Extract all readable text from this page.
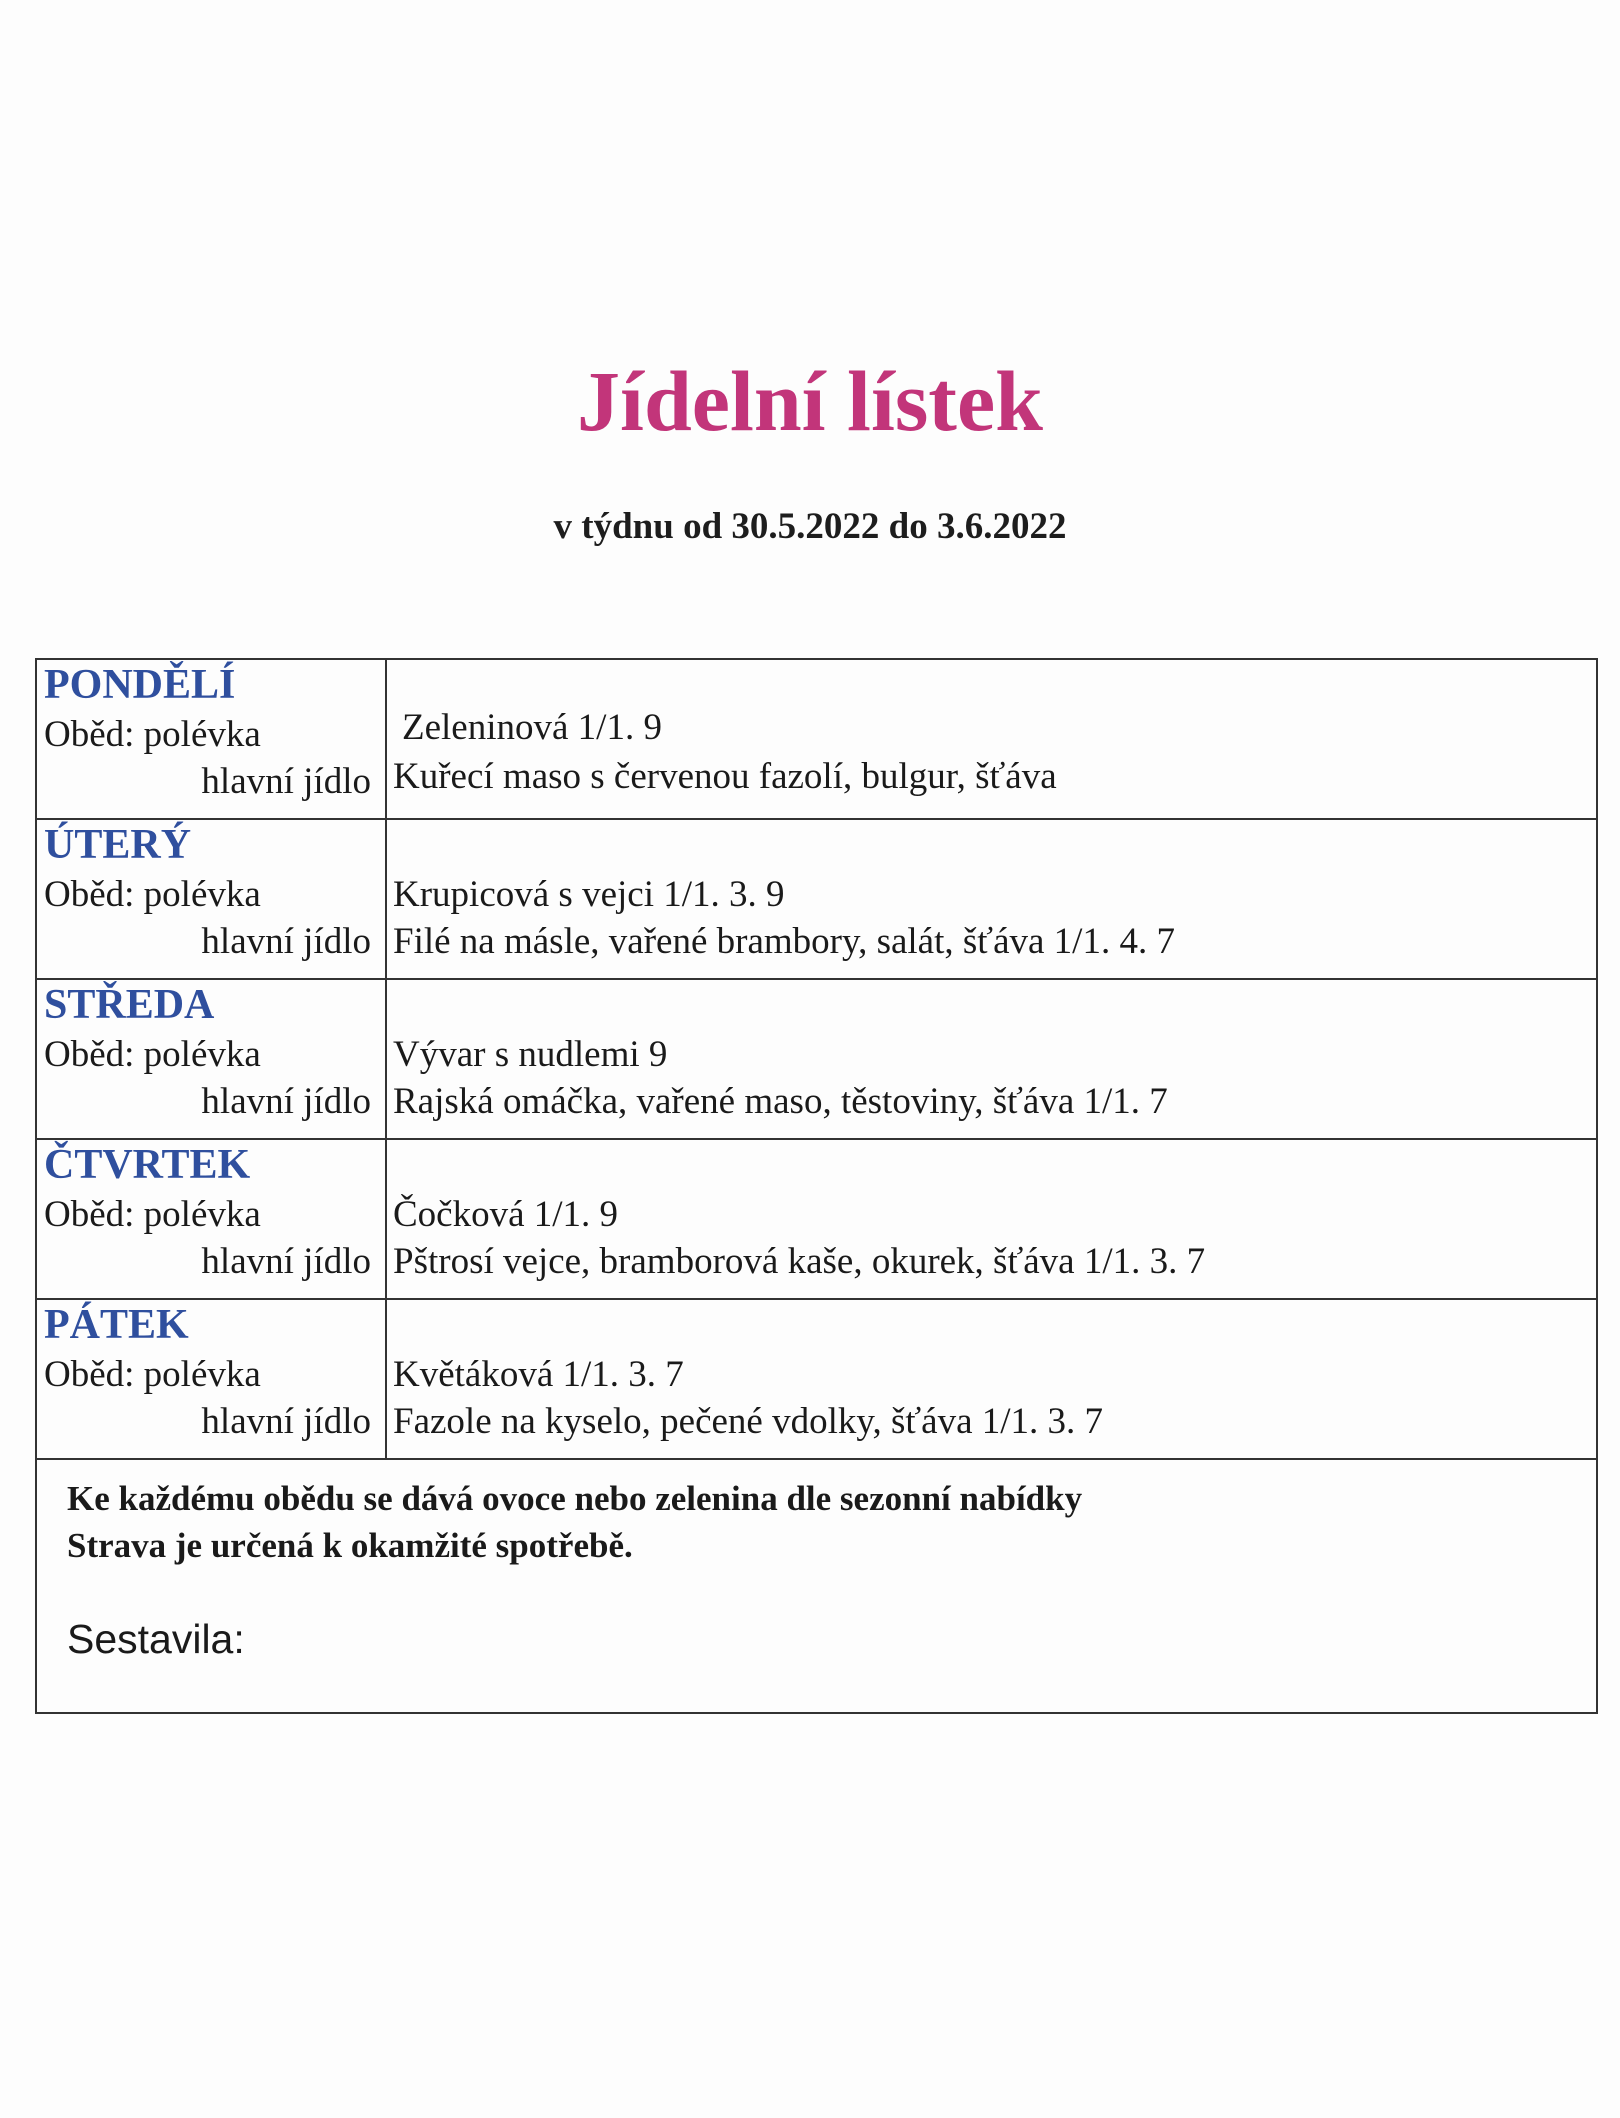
Jídelní lístek
v týdnu od 30.5.2022 do 3.6.2022
PONDĚLÍ
Oběd: polévka
hlavní jídlo
Zeleninová 1/1. 9
Kuřecí maso s červenou fazolí, bulgur, šťáva
ÚTERÝ
Oběd: polévka
hlavní jídlo
Krupicová s vejci 1/1. 3. 9
Filé na másle, vařené brambory, salát, šťáva 1/1. 4. 7
STŘEDA
Oběd: polévka
hlavní jídlo
Vývar s nudlemi 9
Rajská omáčka, vařené maso, těstoviny, šťáva 1/1. 7
ČTVRTEK
Oběd: polévka
hlavní jídlo
Čočková 1/1. 9
Pštrosí vejce, bramborová kaše, okurek, šťáva 1/1. 3. 7
PÁTEK
Oběd: polévka
hlavní jídlo
Květáková 1/1. 3. 7
Fazole na kyselo, pečené vdolky, šťáva 1/1. 3. 7
Ke každému obědu se dává ovoce nebo zelenina dle sezonní nabídky
Strava je určená k okamžité spotřebě.
Sestavila:
